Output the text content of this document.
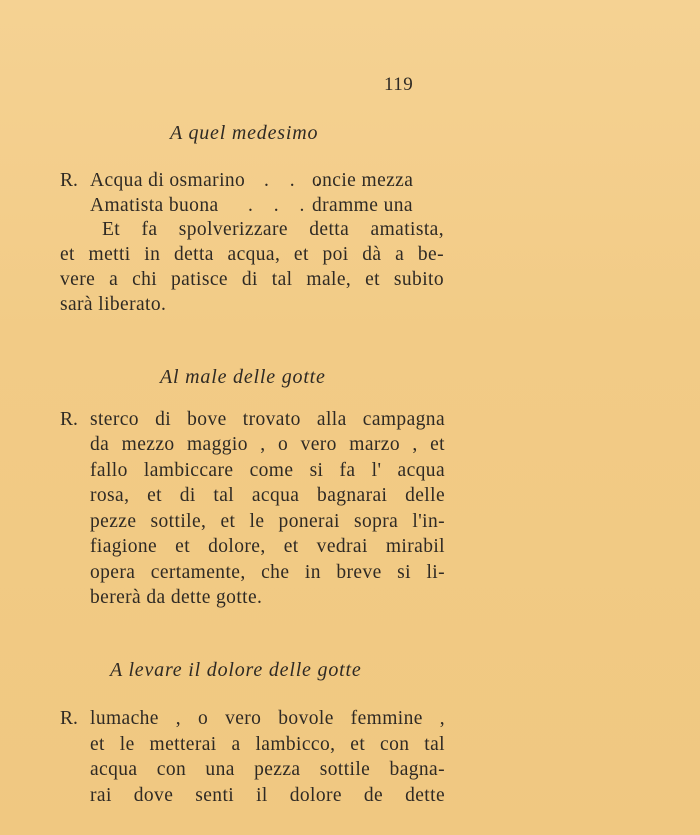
119
A quel medesimo
R. Acqua di osmarino . . .
oncie mezza
Amatista buona . . . dramme una
Et fa spolverizzare detta amatista,
et metti in detta acqua, et poi dà a be-
vere a chi patisce di tal male, et subito
sarà liberato.
Al male delle gotte
R. sterco di bove trovato alla campagna
da mezzo maggio , o vero marzo , et
fallo lambiccare come si fa l' acqua
rosa, et di tal acqua bagnarai delle
pezze sottile, et le ponerai sopra l'in-
fiagione et dolore, et vedrai mirabil
opera certamente, che in breve si li-
bererà da dette gotte.
A levare il dolore delle gotte
R. lumache , o vero bovole femmine ,
et le metterai a lambicco, et con tal
acqua con una pezza sottile bagna-
rai dove senti il dolore de dette
